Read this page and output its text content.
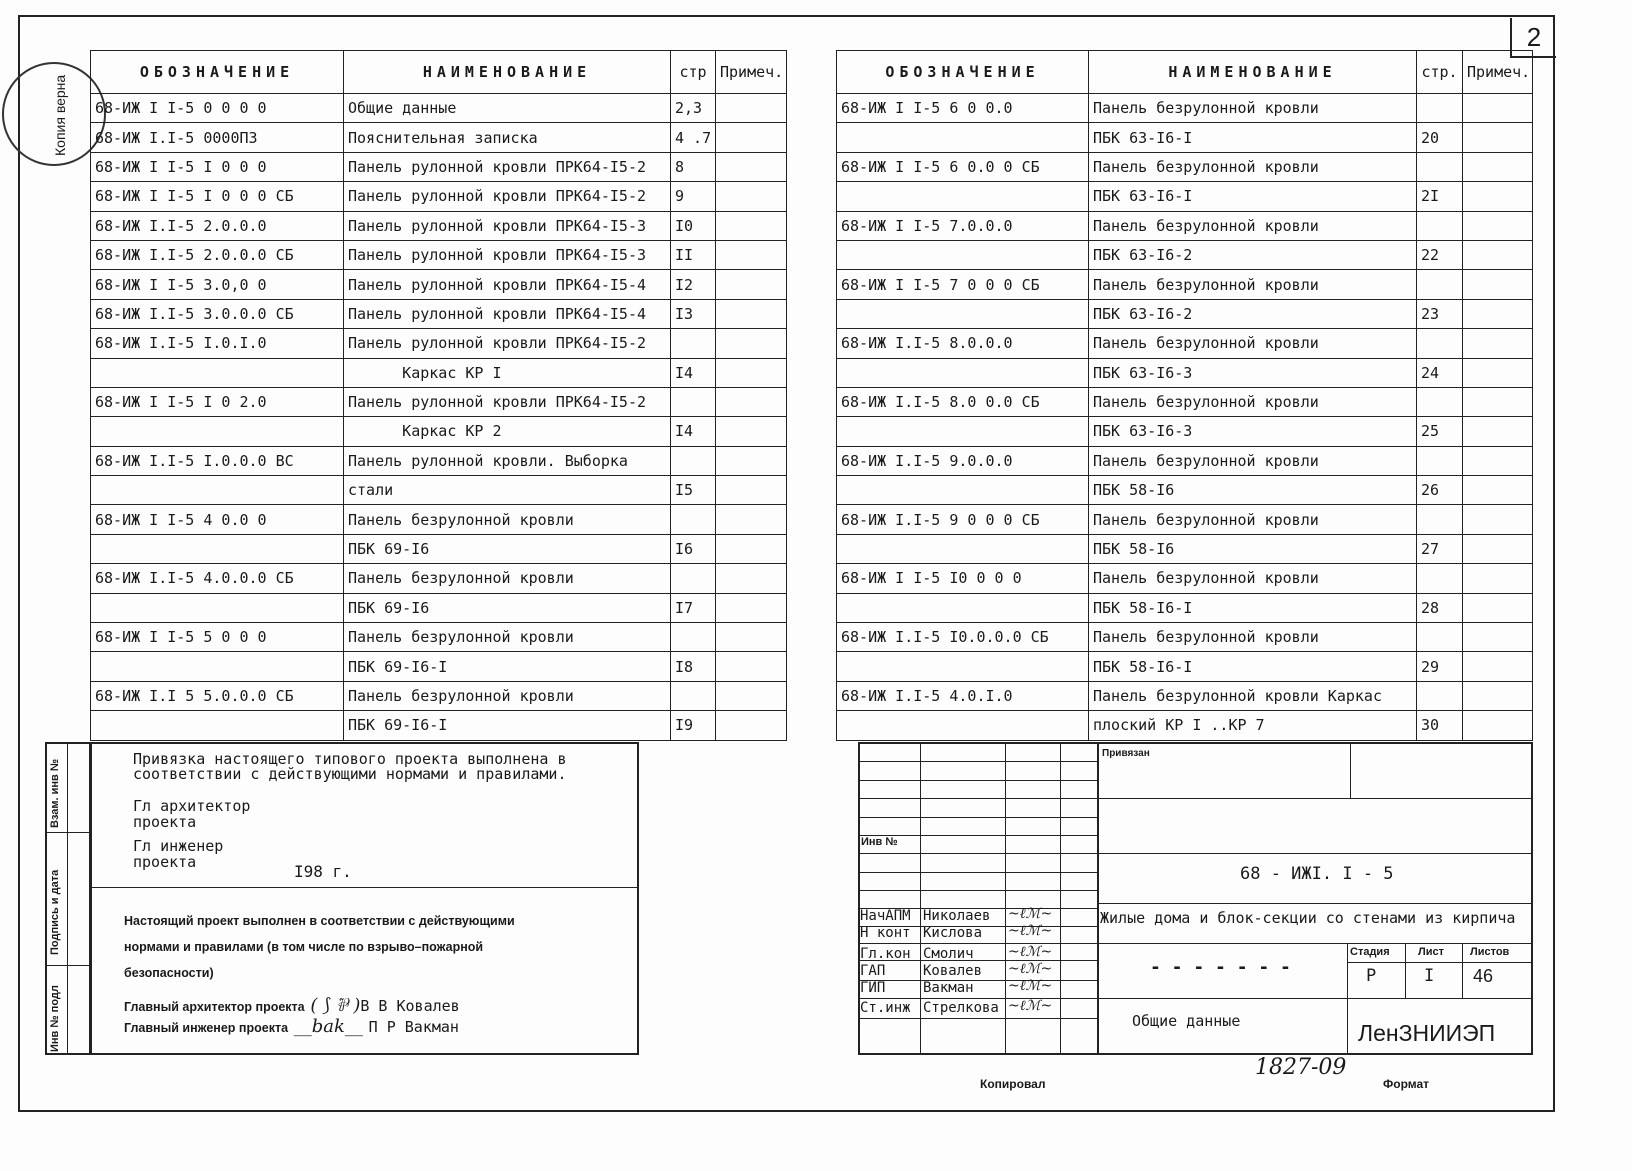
2
Копия верна
ОБОЗНАЧЕНИЕ	НАИМЕНОВАНИЕ	стр	Примеч.
68-ИЖ I I-5 0 0 0 0	Общие данные	2,3	
68-ИЖ I.I-5 0000ПЗ	Пояснительная записка	4 .7	
68-ИЖ I I-5 I 0 0 0	Панель рулонной кровли ПРК64-I5-2	8	
68-ИЖ I I-5 I 0 0 0 СБ	Панель рулонной кровли ПРК64-I5-2	9	
68-ИЖ I.I-5 2.0.0.0	Панель рулонной кровли ПРК64-I5-3	I0	
68-ИЖ I.I-5 2.0.0.0 СБ	Панель рулонной кровли ПРК64-I5-3	II	
68-ИЖ I I-5 3.0,0 0	Панель рулонной кровли ПРК64-I5-4	I2	
68-ИЖ I.I-5 3.0.0.0 СБ	Панель рулонной кровли ПРК64-I5-4	I3	
68-ИЖ I.I-5 I.0.I.0	Панель рулонной кровли ПРК64-I5-2		
	Каркас КР I	I4	
68-ИЖ I I-5 I 0 2.0	Панель рулонной кровли ПРК64-I5-2		
	Каркас КР 2	I4	
68-ИЖ I.I-5 I.0.0.0 ВС	Панель рулонной кровли. Выборка		
	стали	I5	
68-ИЖ I I-5 4 0.0 0	Панель безрулонной кровли		
	ПБК 69-I6	I6	
68-ИЖ I.I-5 4.0.0.0 СБ	Панель безрулонной кровли		
	ПБК 69-I6	I7	
68-ИЖ I I-5 5 0 0 0	Панель безрулонной кровли		
	ПБК 69-I6-I	I8	
68-ИЖ I.I 5 5.0.0.0 СБ	Панель безрулонной кровли		
	ПБК 69-I6-I	I9	
ОБОЗНАЧЕНИЕ	НАИМЕНОВАНИЕ	стр.	Примеч.
68-ИЖ I I-5 6 0 0.0	Панель безрулонной кровли		
	ПБК 63-I6-I	20	
68-ИЖ I I-5 6 0.0 0 СБ	Панель безрулонной кровли		
	ПБК 63-I6-I	2I	
68-ИЖ I I-5 7.0.0.0	Панель безрулонной кровли		
	ПБК 63-I6-2	22	
68-ИЖ I I-5 7 0 0 0 СБ	Панель безрулонной кровли		
	ПБК 63-I6-2	23	
68-ИЖ I.I-5 8.0.0.0	Панель безрулонной кровли		
	ПБК 63-I6-3	24	
68-ИЖ I.I-5 8.0 0.0 СБ	Панель безрулонной кровли		
	ПБК 63-I6-3	25	
68-ИЖ I.I-5 9.0.0.0	Панель безрулонной кровли		
	ПБК 58-I6	26	
68-ИЖ I.I-5 9 0 0 0 СБ	Панель безрулонной кровли		
	ПБК 58-I6	27	
68-ИЖ I I-5 I0 0 0 0	Панель безрулонной кровли		
	ПБК 58-I6-I	28	
68-ИЖ I.I-5 I0.0.0.0 СБ	Панель безрулонной кровли		
	ПБК 58-I6-I	29	
68-ИЖ I.I-5 4.0.I.0	Панель безрулонной кровли Каркас		
	плоский КР I ..КР 7	30	
Инв № подл
Подпись и дата
Взам. инв №	Привязка настоящего типового проекта выполнена в
соответствии с действующими нормами и правилами.
Гл архитектор
проекта
Гл инженер
проекта	I98 г.
Настоящий проект выполнен в соответствии с действующими
нормами и правилами (в том числе по взрыво–пожарной
безопасности)
Главный архитектор проекта ( ⟆ ⅌ )В В Ковалев
Главный инженер проекта __bak__ П Р Вакман
Инв №
НачАПМ Николаев ~ℓℳ~
Н конт Кислова ~ℓℳ~
Гл.кон Смолич ~ℓℳ~
ГАП	Ковалев ~ℓℳ~
ГИП	Вакман ~ℓℳ~
Ст.инж Стрелкова ~ℓℳ~
Привязан
68 - ИЖI. I - 5
Жилые дома и блок-секции со стенами из кирпича
- - - - - - -
Стадия	Лист Листов
Р	I 46
Общие данные	ЛенЗНИИЭП
1827-09
Копировал	Формат
